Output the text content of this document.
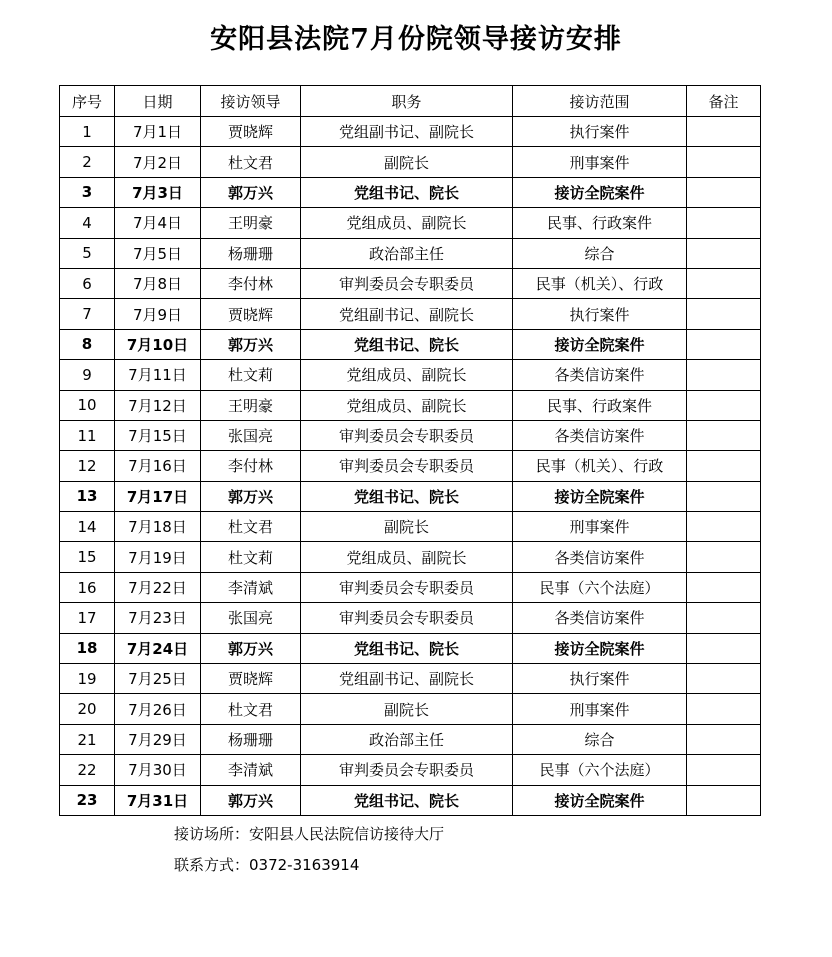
安阳县法院7月份院领导接访安排
序号	日期	接访领导	职务	接访范围	备注
1	7月1日	贾晓辉	党组副书记、副院长	执行案件	
2	7月2日	杜文君	副院长	刑事案件	
3	7月3日	郭万兴	党组书记、院长	接访全院案件	
4	7月4日	王明豪	党组成员、副院长	民事、行政案件	
5	7月5日	杨珊珊	政治部主任	综合	
6	7月8日	李付林	审判委员会专职委员	民事（机关）、行政	
7	7月9日	贾晓辉	党组副书记、副院长	执行案件	
8	7月10日	郭万兴	党组书记、院长	接访全院案件	
9	7月11日	杜文莉	党组成员、副院长	各类信访案件	
10	7月12日	王明豪	党组成员、副院长	民事、行政案件	
11	7月15日	张国亮	审判委员会专职委员	各类信访案件	
12	7月16日	李付林	审判委员会专职委员	民事（机关）、行政	
13	7月17日	郭万兴	党组书记、院长	接访全院案件	
14	7月18日	杜文君	副院长	刑事案件	
15	7月19日	杜文莉	党组成员、副院长	各类信访案件	
16	7月22日	李清斌	审判委员会专职委员	民事（六个法庭）	
17	7月23日	张国亮	审判委员会专职委员	各类信访案件	
18	7月24日	郭万兴	党组书记、院长	接访全院案件	
19	7月25日	贾晓辉	党组副书记、副院长	执行案件	
20	7月26日	杜文君	副院长	刑事案件	
21	7月29日	杨珊珊	政治部主任	综合	
22	7月30日	李清斌	审判委员会专职委员	民事（六个法庭）	
23	7月31日	郭万兴	党组书记、院长	接访全院案件	
接访场所：安阳县人民法院信访接待大厅
联系方式：0372-3163914
